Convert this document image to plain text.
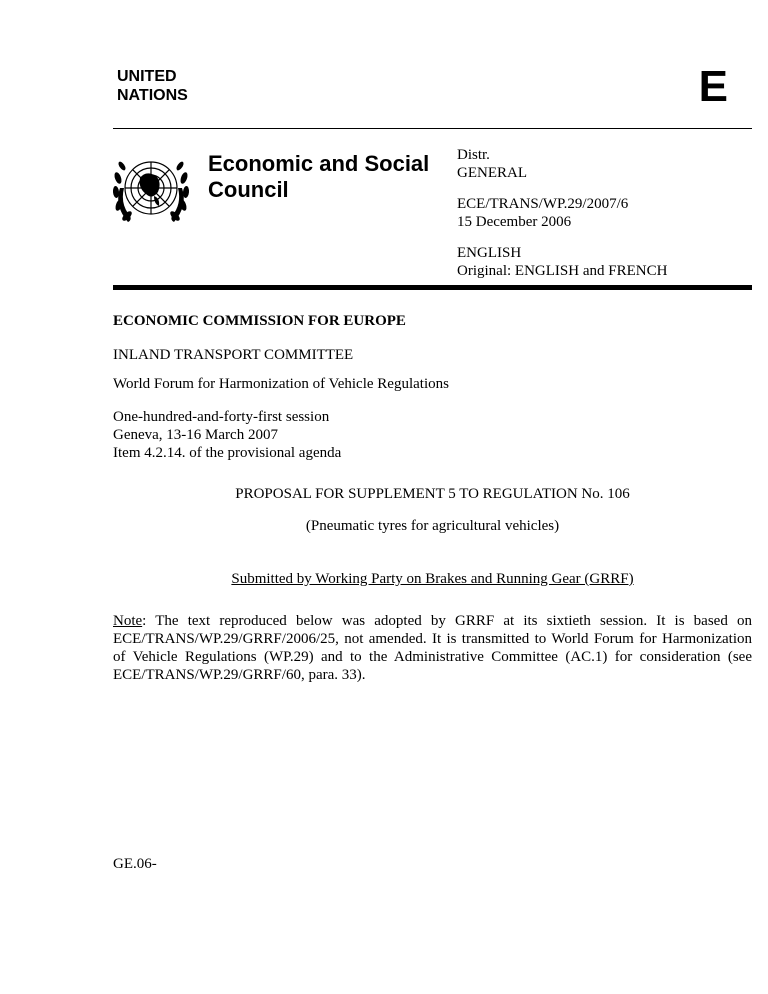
UNITED
NATIONS	E
Economic and Social
Council
Distr.
GENERAL
ECE/TRANS/WP.29/2007/6
15 December 2006
ENGLISH
Original: ENGLISH and FRENCH
ECONOMIC COMMISSION FOR EUROPE
INLAND TRANSPORT COMMITTEE
World Forum for Harmonization of Vehicle Regulations
One-hundred-and-forty-first session
Geneva, 13-16 March 2007
Item 4.2.14. of the provisional agenda
PROPOSAL FOR SUPPLEMENT 5 TO REGULATION No. 106
(Pneumatic tyres for agricultural vehicles)
Submitted by Working Party on Brakes and Running Gear (GRRF)
Note: The text reproduced below was adopted by GRRF at its sixtieth session. It is based on ECE/TRANS/WP.29/GRRF/2006/25, not amended. It is transmitted to World Forum for Harmonization of Vehicle Regulations (WP.29) and to the Administrative Committee (AC.1) for consideration (see ECE/TRANS/WP.29/GRRF/60, para. 33).
GE.06-
